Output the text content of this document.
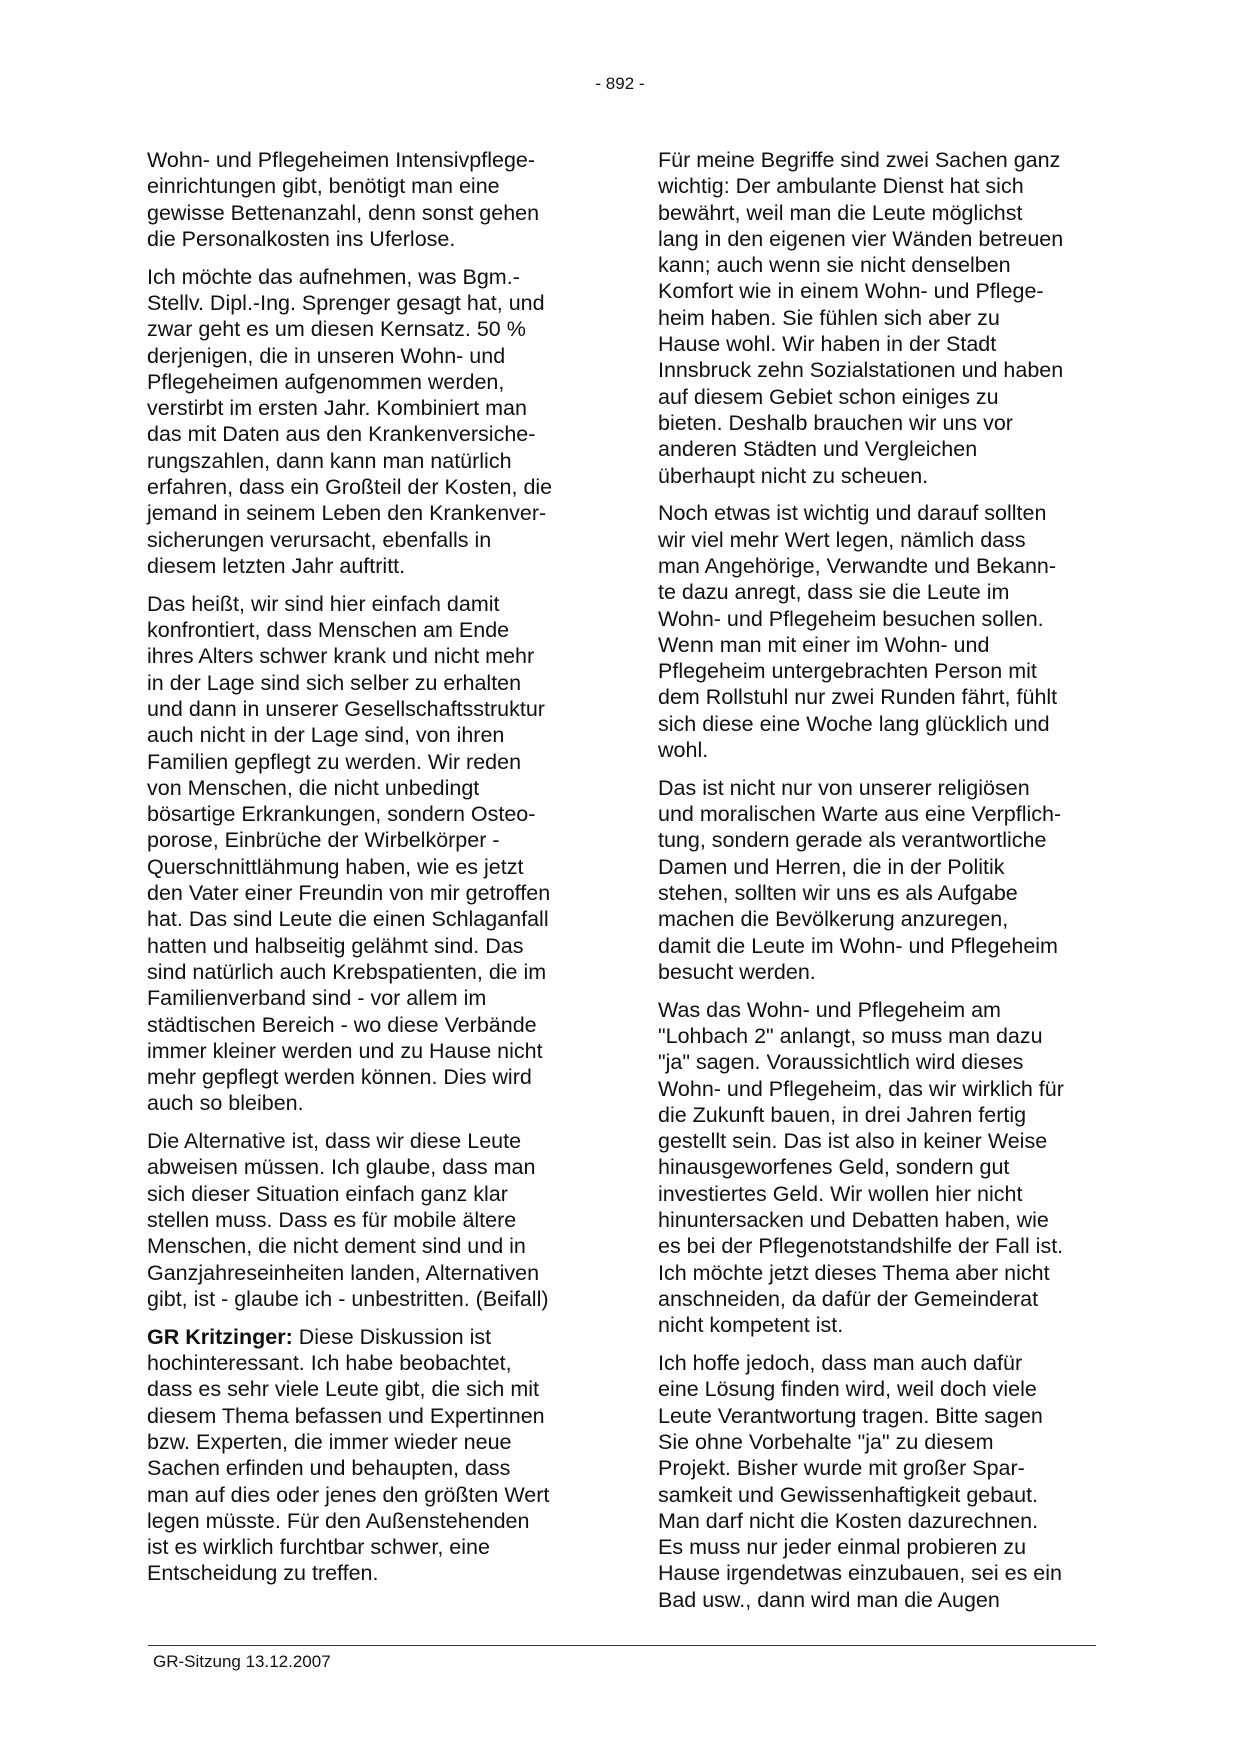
- 892 -

Wohn- und Pflegeheimen Intensivpflege-
einrichtungen gibt, benötigt man eine
gewisse Bettenanzahl, denn sonst gehen
die Personalkosten ins Uferlose.

Ich möchte das aufnehmen, was Bgm.-
Stellv. Dipl.-Ing. Sprenger gesagt hat, und
zwar geht es um diesen Kernsatz. 50 %
derjenigen, die in unseren Wohn- und
Pflegeheimen aufgenommen werden,
verstirbt im ersten Jahr. Kombiniert man
das mit Daten aus den Krankenversiche-
rungszahlen, dann kann man natürlich
erfahren, dass ein Großteil der Kosten, die
jemand in seinem Leben den Krankenver-
sicherungen verursacht, ebenfalls in
diesem letzten Jahr auftritt.

Das heißt, wir sind hier einfach damit
konfrontiert, dass Menschen am Ende
ihres Alters schwer krank und nicht mehr
in der Lage sind sich selber zu erhalten
und dann in unserer Gesellschaftsstruktur
auch nicht in der Lage sind, von ihren
Familien gepflegt zu werden. Wir reden
von Menschen, die nicht unbedingt
bösartige Erkrankungen, sondern Osteo-
porose, Einbrüche der Wirbelkörper -
Querschnittlähmung haben, wie es jetzt
den Vater einer Freundin von mir getroffen
hat. Das sind Leute die einen Schlaganfall
hatten und halbseitig gelähmt sind. Das
sind natürlich auch Krebspatienten, die im
Familienverband sind - vor allem im
städtischen Bereich - wo diese Verbände
immer kleiner werden und zu Hause nicht
mehr gepflegt werden können. Dies wird
auch so bleiben.

Die Alternative ist, dass wir diese Leute
abweisen müssen. Ich glaube, dass man
sich dieser Situation einfach ganz klar
stellen muss. Dass es für mobile ältere
Menschen, die nicht dement sind und in
Ganzjahreseinheiten landen, Alternativen
gibt, ist - glaube ich - unbestritten. (Beifall)

GR Kritzinger: Diese Diskussion ist
hochinteressant. Ich habe beobachtet,
dass es sehr viele Leute gibt, die sich mit
diesem Thema befassen und Expertinnen
bzw. Experten, die immer wieder neue
Sachen erfinden und behaupten, dass
man auf dies oder jenes den größten Wert
legen müsste. Für den Außenstehenden
ist es wirklich furchtbar schwer, eine
Entscheidung zu treffen.

Für meine Begriffe sind zwei Sachen ganz
wichtig: Der ambulante Dienst hat sich
bewährt, weil man die Leute möglichst
lang in den eigenen vier Wänden betreuen
kann; auch wenn sie nicht denselben
Komfort wie in einem Wohn- und Pflege-
heim haben. Sie fühlen sich aber zu
Hause wohl. Wir haben in der Stadt
Innsbruck zehn Sozialstationen und haben
auf diesem Gebiet schon einiges zu
bieten. Deshalb brauchen wir uns vor
anderen Städten und Vergleichen
überhaupt nicht zu scheuen.

Noch etwas ist wichtig und darauf sollten
wir viel mehr Wert legen, nämlich dass
man Angehörige, Verwandte und Bekann-
te dazu anregt, dass sie die Leute im
Wohn- und Pflegeheim besuchen sollen.
Wenn man mit einer im Wohn- und
Pflegeheim untergebrachten Person mit
dem Rollstuhl nur zwei Runden fährt, fühlt
sich diese eine Woche lang glücklich und
wohl.

Das ist nicht nur von unserer religiösen
und moralischen Warte aus eine Verpflich-
tung, sondern gerade als verantwortliche
Damen und Herren, die in der Politik
stehen, sollten wir uns es als Aufgabe
machen die Bevölkerung anzuregen,
damit die Leute im Wohn- und Pflegeheim
besucht werden.

Was das Wohn- und Pflegeheim am
"Lohbach 2" anlangt, so muss man dazu
"ja" sagen. Voraussichtlich wird dieses
Wohn- und Pflegeheim, das wir wirklich für
die Zukunft bauen, in drei Jahren fertig
gestellt sein. Das ist also in keiner Weise
hinausgeworfenes Geld, sondern gut
investiertes Geld. Wir wollen hier nicht
hinuntersacken und Debatten haben, wie
es bei der Pflegenotstandshilfe der Fall ist.
Ich möchte jetzt dieses Thema aber nicht
anschneiden, da dafür der Gemeinderat
nicht kompetent ist.

Ich hoffe jedoch, dass man auch dafür
eine Lösung finden wird, weil doch viele
Leute Verantwortung tragen. Bitte sagen
Sie ohne Vorbehalte "ja" zu diesem
Projekt. Bisher wurde mit großer Spar-
samkeit und Gewissenhaftigkeit gebaut.
Man darf nicht die Kosten dazurechnen.
Es muss nur jeder einmal probieren zu
Hause irgendetwas einzubauen, sei es ein
Bad usw., dann wird man die Augen

GR-Sitzung 13.12.2007
